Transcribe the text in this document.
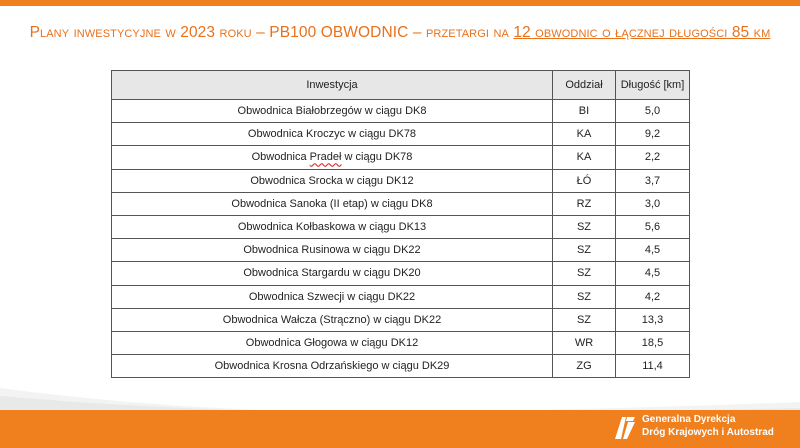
Plany inwestycyjne w 2023 roku – PB100 OBWODNIC – przetargi na 12 obwodnic o łącznej długości 85 km
Inwestycja	Oddział	Długość [km]
Obwodnica Białobrzegów w ciągu DK8	BI	5,0
Obwodnica Kroczyc w ciągu DK78	KA	9,2
Obwodnica Pradeł w ciągu DK78	KA	2,2
Obwodnica Srocka w ciągu DK12	ŁÓ	3,7
Obwodnica Sanoka (II etap) w ciągu DK8	RZ	3,0
Obwodnica Kołbaskowa w ciągu DK13	SZ	5,6
Obwodnica Rusinowa w ciągu DK22	SZ	4,5
Obwodnica Stargardu w ciągu DK20	SZ	4,5
Obwodnica Szwecji w ciągu DK22	SZ	4,2
Obwodnica Wałcza (Strączno) w ciągu DK22	SZ	13,3
Obwodnica Głogowa w ciągu DK12	WR	18,5
Obwodnica Krosna Odrzańskiego w ciągu DK29	ZG	11,4
Generalna Dyrekcja
Dróg Krajowych i Autostrad
